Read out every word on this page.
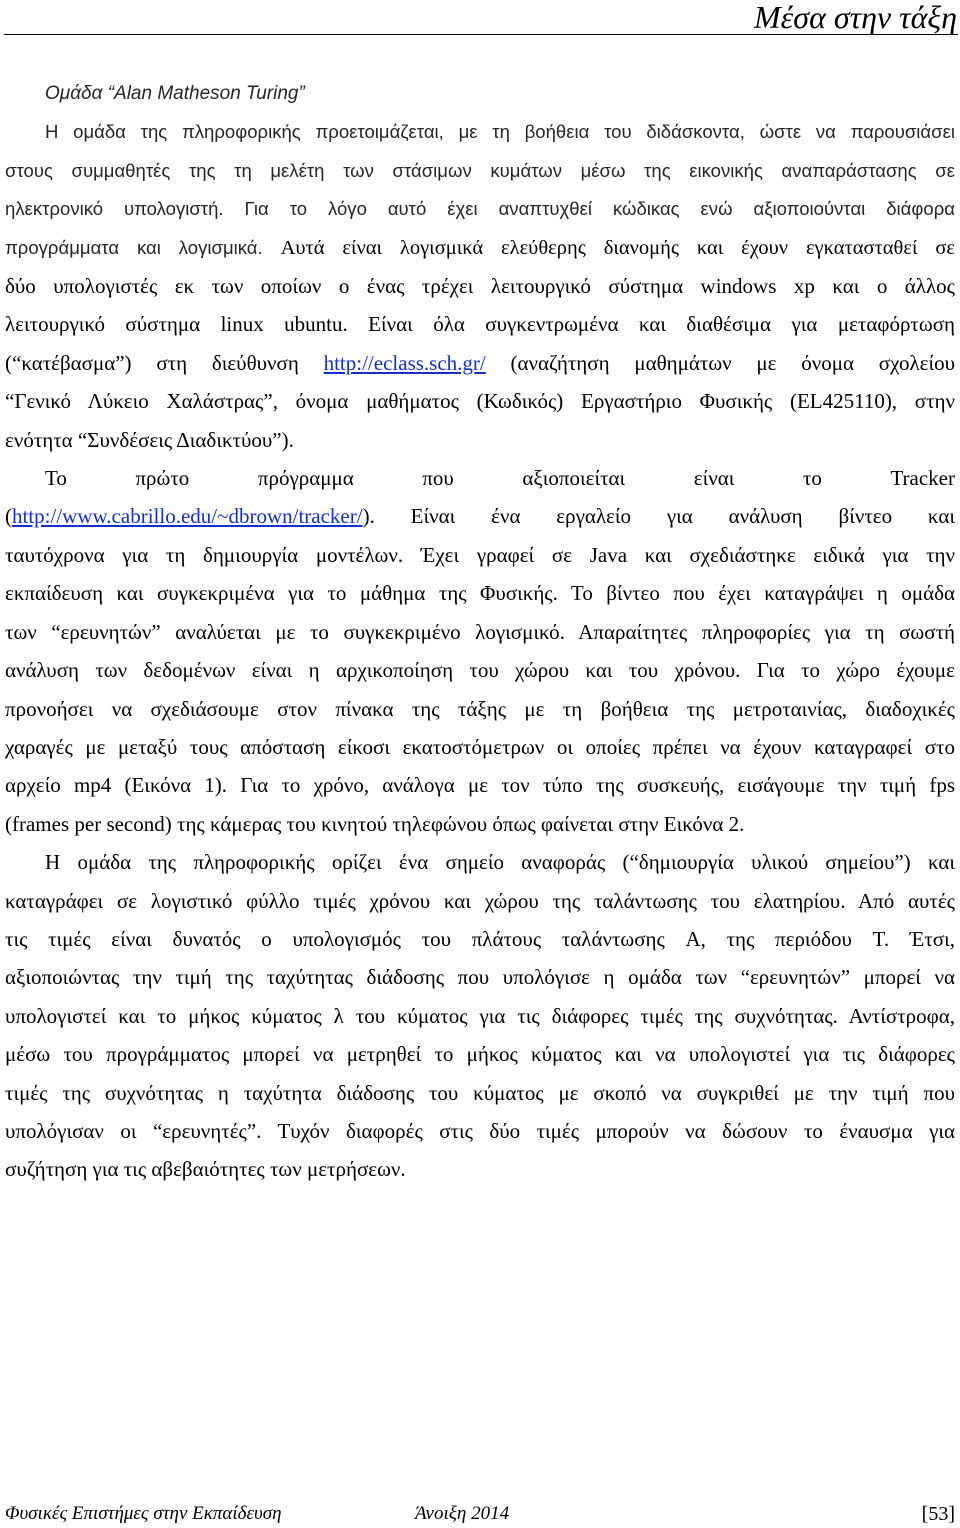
Μέσα στην τάξη
Ομάδα “Alan Matheson Turing”
Η ομάδα της πληροφορικής προετοιμάζεται, με τη βοήθεια του διδάσκοντα, ώστε να παρουσιάσει
στους συμμαθητές της τη μελέτη των στάσιμων κυμάτων μέσω της εικονικής αναπαράστασης σε
ηλεκτρονικό υπολογιστή. Για το λόγο αυτό έχει αναπτυχθεί κώδικας ενώ αξιοποιούνται διάφορα
προγράμματα και λογισμικά. Αυτά είναι λογισμικά ελεύθερης διανομής και έχουν εγκατασταθεί σε
δύο υπολογιστές εκ των οποίων ο ένας τρέχει λειτουργικό σύστημα windows xp και ο άλλος
λειτουργικό σύστημα linux ubuntu. Είναι όλα συγκεντρωμένα και διαθέσιμα για μεταφόρτωση
(“κατέβασμα”) στη διεύθυνση http://eclass.sch.gr/ (αναζήτηση μαθημάτων με όνομα σχολείου
“Γενικό Λύκειο Χαλάστρας”, όνομα μαθήματος (Κωδικός) Εργαστήριο Φυσικής (EL425110), στην
ενότητα “Συνδέσεις Διαδικτύου”).
Το πρώτο πρόγραμμα που αξιοποιείται είναι το Tracker
(http://www.cabrillo.edu/~dbrown/tracker/). Είναι ένα εργαλείο για ανάλυση βίντεο και
ταυτόχρονα για τη δημιουργία μοντέλων. Έχει γραφεί σε Java και σχεδιάστηκε ειδικά για την
εκπαίδευση και συγκεκριμένα για το μάθημα της Φυσικής. Το βίντεο που έχει καταγράψει η ομάδα
των “ερευνητών” αναλύεται με το συγκεκριμένο λογισμικό. Απαραίτητες πληροφορίες για τη σωστή
ανάλυση των δεδομένων είναι η αρχικοποίηση του χώρου και του χρόνου. Για το χώρο έχουμε
προνοήσει να σχεδιάσουμε στον πίνακα της τάξης με τη βοήθεια της μετροταινίας, διαδοχικές
χαραγές με μεταξύ τους απόσταση είκοσι εκατοστόμετρων οι οποίες πρέπει να έχουν καταγραφεί στο
αρχείο mp4 (Εικόνα 1). Για το χρόνο, ανάλογα με τον τύπο της συσκευής, εισάγουμε την τιμή fps
(frames per second) της κάμερας του κινητού τηλεφώνου όπως φαίνεται στην Εικόνα 2.
Η ομάδα της πληροφορικής ορίζει ένα σημείο αναφοράς (“δημιουργία υλικού σημείου”) και
καταγράφει σε λογιστικό φύλλο τιμές χρόνου και χώρου της ταλάντωσης του ελατηρίου. Από αυτές
τις τιμές είναι δυνατός ο υπολογισμός του πλάτους ταλάντωσης A, της περιόδου T. Έτσι,
αξιοποιώντας την τιμή της ταχύτητας διάδοσης που υπολόγισε η ομάδα των “ερευνητών” μπορεί να
υπολογιστεί και το μήκος κύματος λ του κύματος για τις διάφορες τιμές της συχνότητας. Αντίστροφα,
μέσω του προγράμματος μπορεί να μετρηθεί το μήκος κύματος και να υπολογιστεί για τις διάφορες
τιμές της συχνότητας η ταχύτητα διάδοσης του κύματος με σκοπό να συγκριθεί με την τιμή που
υπολόγισαν οι “ερευνητές”. Τυχόν διαφορές στις δύο τιμές μπορούν να δώσουν το έναυσμα για
συζήτηση για τις αβεβαιότητες των μετρήσεων.
Φυσικές Επιστήμες στην Εκπαίδευση	Άνοιξη 2014	[53]
